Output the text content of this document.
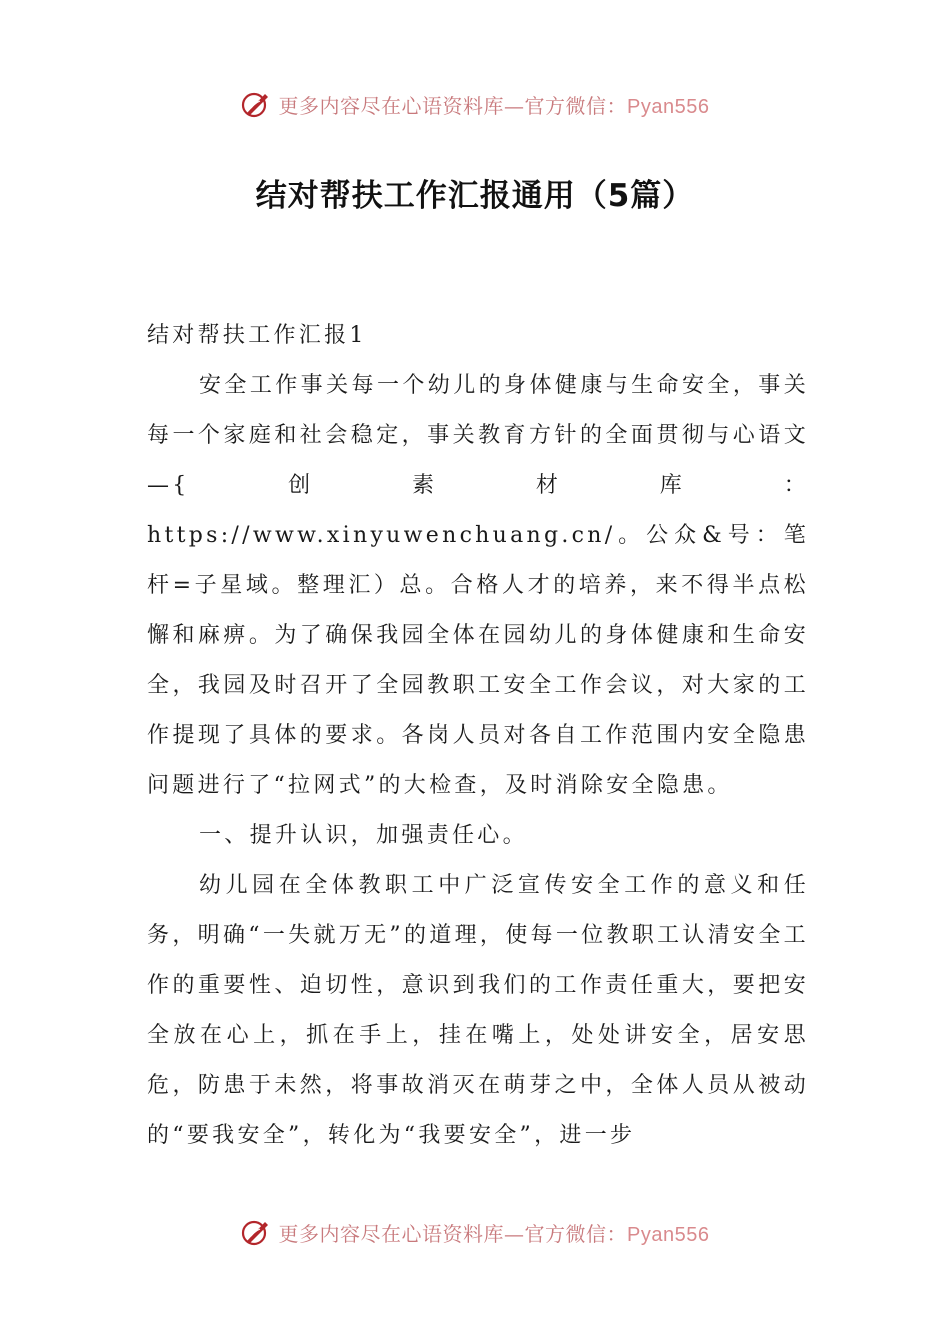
更多内容尽在心语资料库—官方微信：Pyan556
结对帮扶工作汇报通用（5篇）

结对帮扶工作汇报1

安全工作事关每一个幼儿的身体健康与生命安全，事关每一个家庭和社会稳定，事关教育方针的全面贯彻与心语文—{创素材库：https://www.xinyuwenchuang.cn/。公众&号：笔杆=子星域。整理汇）总。合格人才的培养，来不得半点松懈和麻痹。为了确保我园全体在园幼儿的身体健康和生命安全，我园及时召开了全园教职工安全工作会议，对大家的工作提现了具体的要求。各岗人员对各自工作范围内安全隐患问题进行了“拉网式”的大检查，及时消除安全隐患。

一、提升认识，加强责任心。

幼儿园在全体教职工中广泛宣传安全工作的意义和任务，明确“一失就万无”的道理，使每一位教职工认清安全工作的重要性、迫切性，意识到我们的工作责任重大，要把安全放在心上，抓在手上，挂在嘴上，处处讲安全，居安思危，防患于未然，将事故消灭在萌芽之中，全体人员从被动的“要我安全”，转化为“我要安全”，进一步

更多内容尽在心语资料库—官方微信：Pyan556
